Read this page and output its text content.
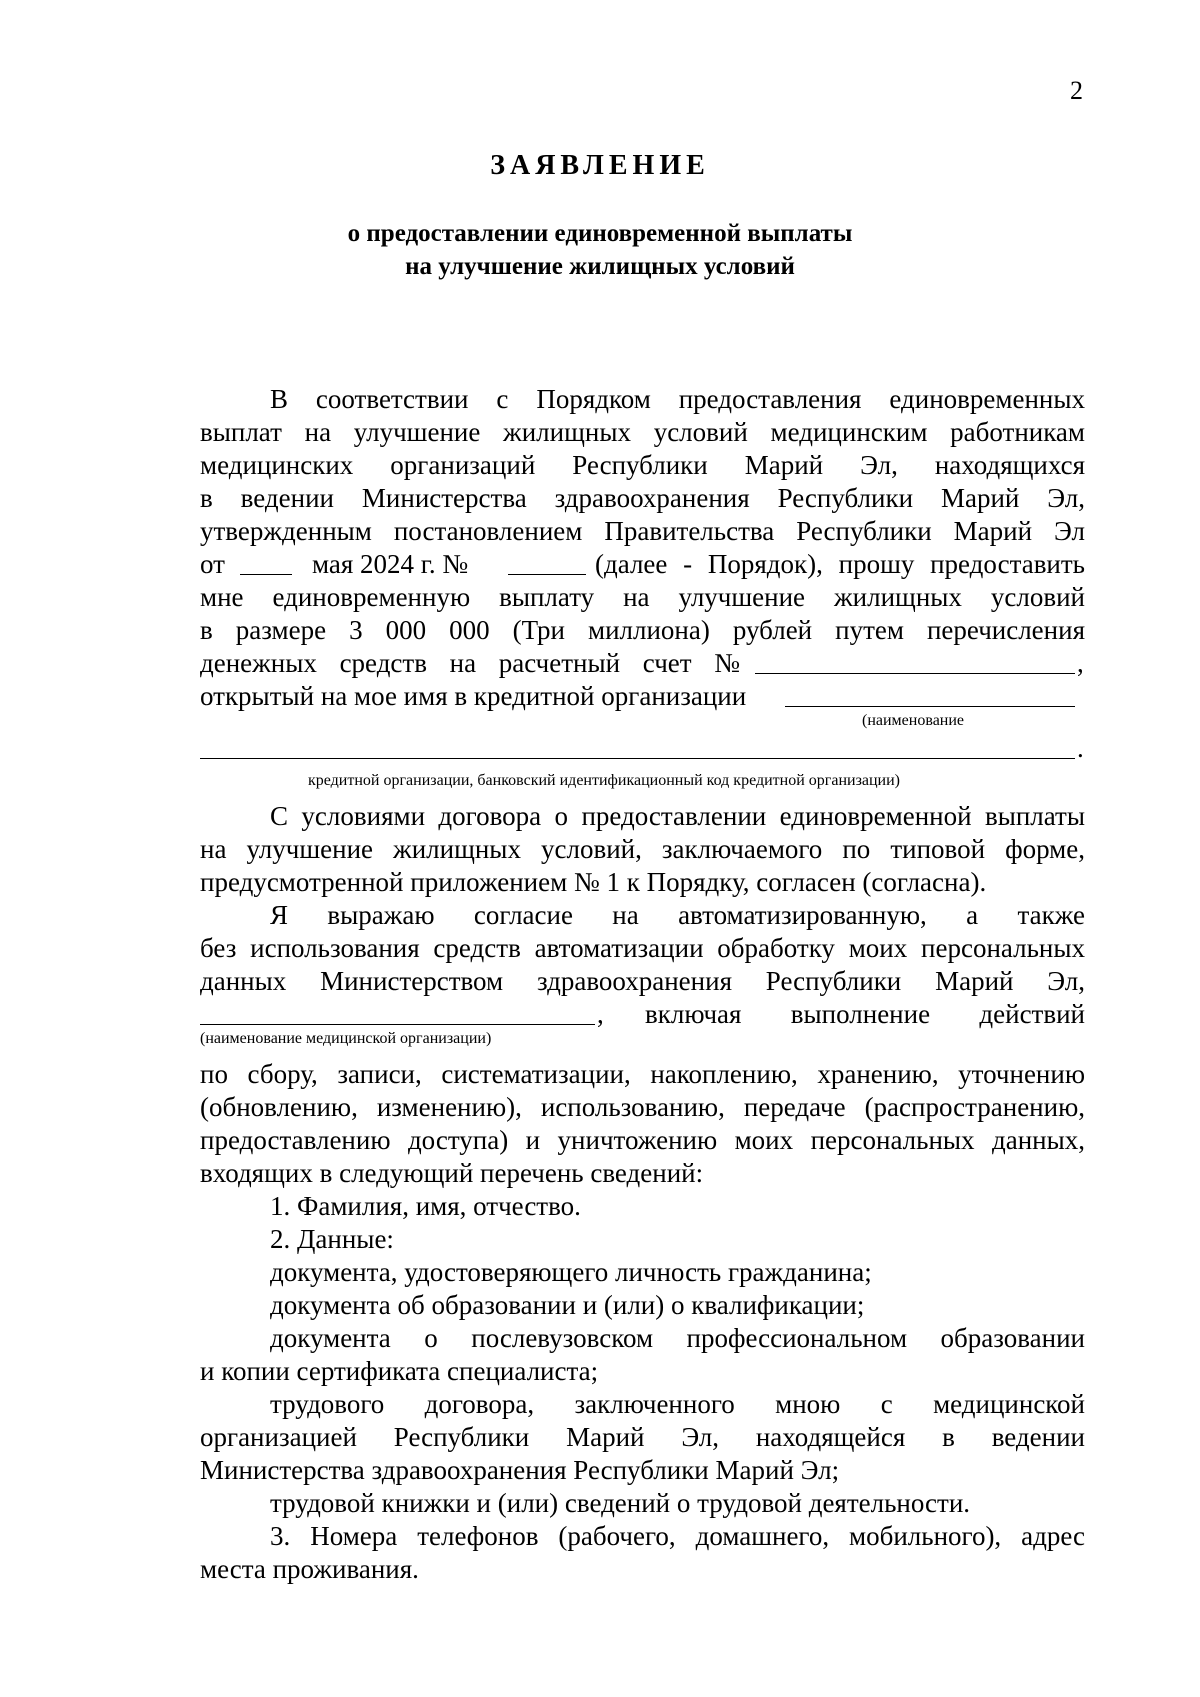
2
ЗАЯВЛЕНИЕ
о предоставлении единовременной выплаты
на улучшение жилищных условий
В соответствии с Порядком предоставления единовременных
выплат на улучшение жилищных условий медицинским работникам
медицинских организаций Республики Марий Эл, находящихся
в ведении Министерства здравоохранения Республики Марий Эл,
утвержденным постановлением Правительства Республики Марий Эл
от	мая 2024 г. №	(далее - Порядок), прошу предоставить
мне единовременную выплату на улучшение жилищных условий
в размере 3 000 000 (Три миллиона) рублей путем перечисления
денежных средств на расчетный счет №	,
открытый на мое имя в кредитной организации
(наименование
.
кредитной организации, банковский идентификационный код кредитной организации)
С условиями договора о предоставлении единовременной выплаты
на улучшение жилищных условий, заключаемого по типовой форме,
предусмотренной приложением № 1 к Порядку, согласен (согласна).
Я выражаю согласие на автоматизированную, а также
без использования средств автоматизации обработку моих персональных
данных Министерством здравоохранения Республики Марий Эл,
, включая выполнение действий
(наименование медицинской организации)
по сбору, записи, систематизации, накоплению, хранению, уточнению
(обновлению, изменению), использованию, передаче (распространению,
предоставлению доступа) и уничтожению моих персональных данных,
входящих в следующий перечень сведений:
1. Фамилия, имя, отчество.
2. Данные:
документа, удостоверяющего личность гражданина;
документа об образовании и (или) о квалификации;
документа о послевузовском профессиональном образовании
и копии сертификата специалиста;
трудового договора, заключенного мною с медицинской
организацией Республики Марий Эл, находящейся в ведении
Министерства здравоохранения Республики Марий Эл;
трудовой книжки и (или) сведений о трудовой деятельности.
3. Номера телефонов (рабочего, домашнего, мобильного), адрес
места проживания.
